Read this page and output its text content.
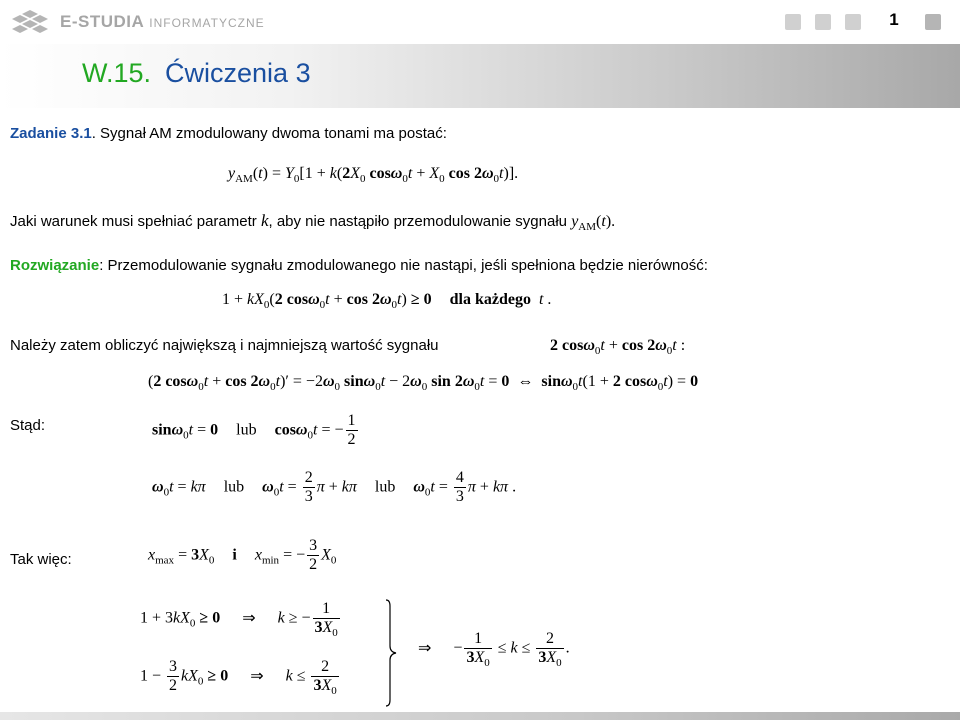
E-STUDIA INFORMATYCZNE	1
W.15. Ćwiczenia 3
Zadanie 3.1. Sygnał AM zmodulowany dwoma tonami ma postać:
$y_{AM}(t) = Y_0[1 + k(2X_0$ $\cos\omega_0t + X_0$ $\cos 2\omega_0t$)].
Jaki warunek musi spełniać parametr k, aby nie nastąpiło przemodulowanie sygnału $y_{AM}(t)$.
Rozwiązanie: Przemodulowanie sygnału zmodulowanego nie nastąpi, jeśli spełniona będzie nierówność:
$1 + kX_0(2$ $\cos\omega_0t + \cos 2\omega_0t) \ge 0$ dla każdego t .
Należy zatem obliczyć największą i najmniejszą wartość sygnału	2 $\cos\omega_0t + \cos 2\omega_0t$ :
(2 $\cos\omega_0t + \cos 2\omega_0t)' = -2\omega_0$ $\sin\omega_0t - 2\omega_0$ $\sin 2\omega_0t = 0$ ⇔ sinω$_0$t(1 + 2 cosω$_0$t) = 0
Stąd:	sinω$_0$t = 0 lub cosω$_0$t = − $\frac{1}{2}$
$\omega_0t = k\pi$ lub $\omega_0t = \frac{2}{3}$ π + kπ lub $\omega_0t = \frac{4}{3}$ π + kπ .
Tak więc:	$x_{max} = 3X_0$ i $x_{min}$ = − $\frac{3}{2} X_0$
$1 + 3kX_0 \ge 0$ ⇒ k ≥ − $\frac{1}{3X_0}$
$1 - \frac{3}{2} kX_0 \ge 0$ ⇒ $k \le \frac{2}{3X_0}$
⇒ − $\frac{1}{3X_0} \le k \le \frac{2}{3X_0}$ .
